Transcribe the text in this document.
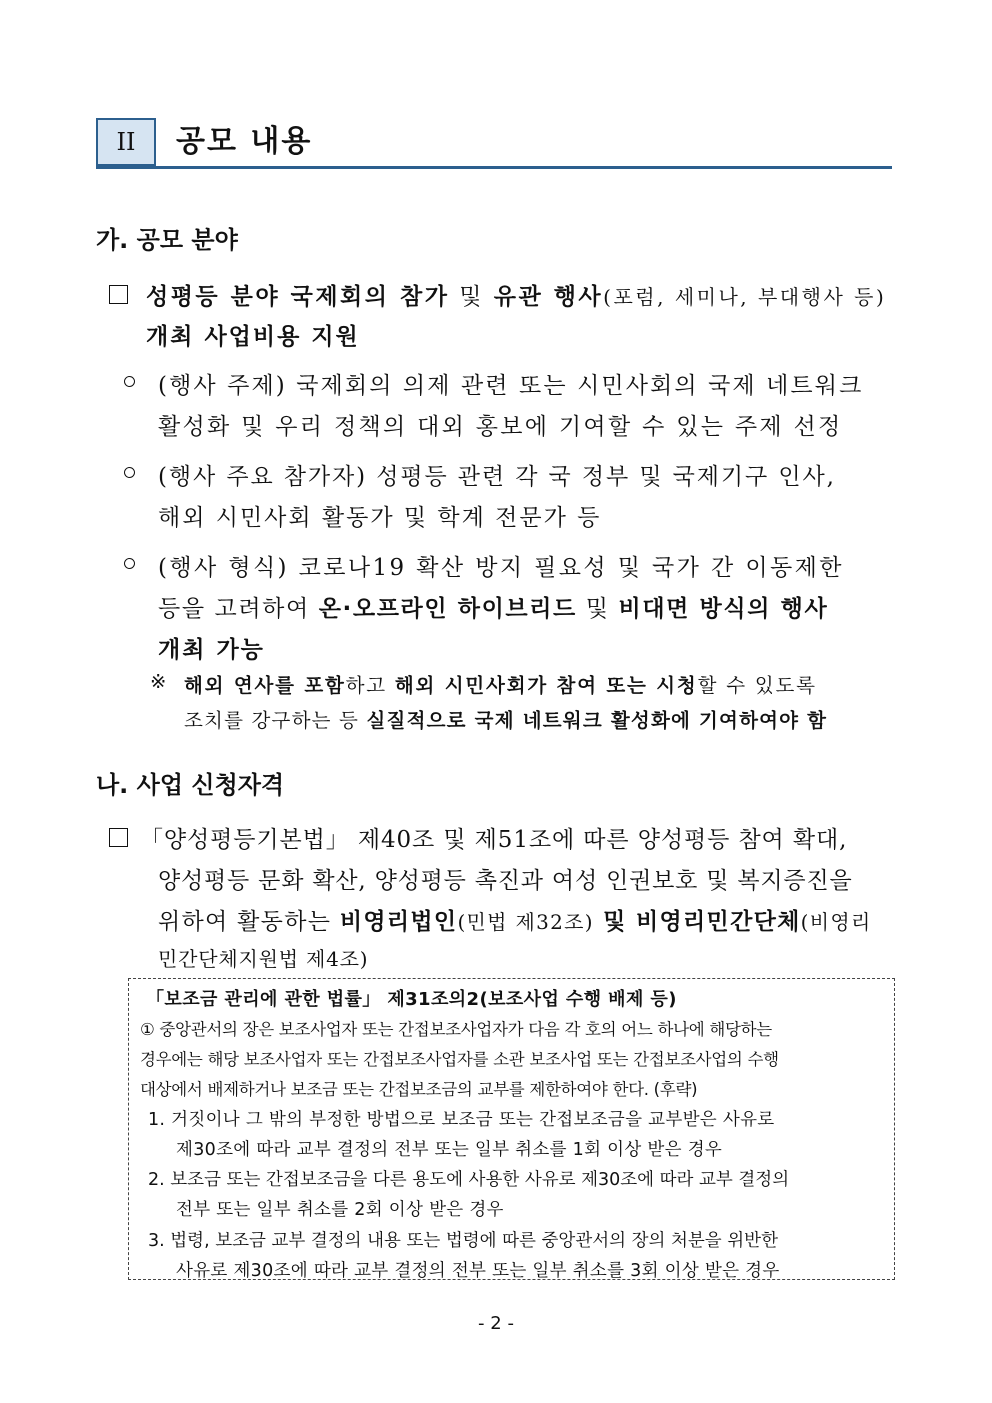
II	공모 내용
가. 공모 분야
성평등 분야 국제회의 참가 및 유관 행사(포럼, 세미나, 부대행사 등)
개최 사업비용 지원
(행사 주제) 국제회의 의제 관련 또는 시민사회의 국제 네트워크
활성화 및 우리 정책의 대외 홍보에 기여할 수 있는 주제 선정
(행사 주요 참가자) 성평등 관련 각 국 정부 및 국제기구 인사,
해외 시민사회 활동가 및 학계 전문가 등
(행사 형식) 코로나19 확산 방지 필요성 및 국가 간 이동제한
등을 고려하여 온·오프라인 하이브리드 및 비대면 방식의 행사
개최 가능
※ 해외 연사를 포함하고 해외 시민사회가 참여 또는 시청할 수 있도록
조치를 강구하는 등 실질적으로 국제 네트워크 활성화에 기여하여야 함
나. 사업 신청자격
「양성평등기본법」 제40조 및 제51조에 따른 양성평등 참여 확대,
양성평등 문화 확산, 양성평등 촉진과 여성 인권보호 및 복지증진을
위하여 활동하는 비영리법인(민법 제32조) 및 비영리민간단체(비영리
민간단체지원법 제4조)
「보조금 관리에 관한 법률」 제31조의2(보조사업 수행 배제 등)
① 중앙관서의 장은 보조사업자 또는 간접보조사업자가 다음 각 호의 어느 하나에 해당하는
경우에는 해당 보조사업자 또는 간접보조사업자를 소관 보조사업 또는 간접보조사업의 수행
대상에서 배제하거나 보조금 또는 간접보조금의 교부를 제한하여야 한다. (후략)
1. 거짓이나 그 밖의 부정한 방법으로 보조금 또는 간접보조금을 교부받은 사유로
제30조에 따라 교부 결정의 전부 또는 일부 취소를 1회 이상 받은 경우
2. 보조금 또는 간접보조금을 다른 용도에 사용한 사유로 제30조에 따라 교부 결정의
전부 또는 일부 취소를 2회 이상 받은 경우
3. 법령, 보조금 교부 결정의 내용 또는 법령에 따른 중앙관서의 장의 처분을 위반한
사유로 제30조에 따라 교부 결정의 전부 또는 일부 취소를 3회 이상 받은 경우
- 2 -
